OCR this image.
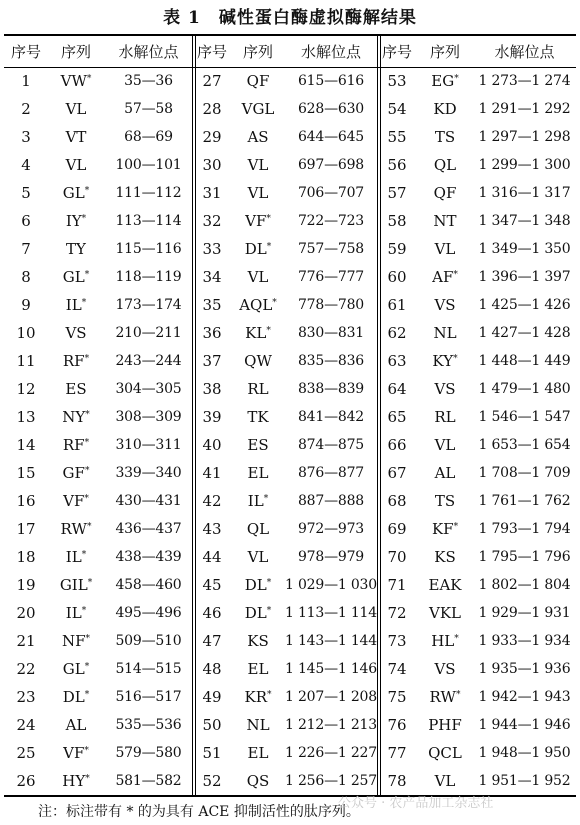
表 1　碱性蛋白酶虚拟酶解结果
序号	序列	水解位点	序号	序列	水解位点	序号	序列	水解位点
1	VW*	35—36	27	QF	615—616	53	EG*	1 273—1 274
2	VL	57—58	28	VGL	628—630	54	KD	1 291—1 292
3	VT	68—69	29	AS	644—645	55	TS	1 297—1 298
4	VL	100—101	30	VL	697—698	56	QL	1 299—1 300
5	GL*	111—112	31	VL	706—707	57	QF	1 316—1 317
6	IY*	113—114	32	VF*	722—723	58	NT	1 347—1 348
7	TY	115—116	33	DL*	757—758	59	VL	1 349—1 350
8	GL*	118—119	34	VL	776—777	60	AF*	1 396—1 397
9	IL*	173—174	35	AQL*	778—780	61	VS	1 425—1 426
10	VS	210—211	36	KL*	830—831	62	NL	1 427—1 428
11	RF*	243—244	37	QW	835—836	63	KY*	1 448—1 449
12	ES	304—305	38	RL	838—839	64	VS	1 479—1 480
13	NY*	308—309	39	TK	841—842	65	RL	1 546—1 547
14	RF*	310—311	40	ES	874—875	66	VL	1 653—1 654
15	GF*	339—340	41	EL	876—877	67	AL	1 708—1 709
16	VF*	430—431	42	IL*	887—888	68	TS	1 761—1 762
17	RW*	436—437	43	QL	972—973	69	KF*	1 793—1 794
18	IL*	438—439	44	VL	978—979	70	KS	1 795—1 796
19	GIL*	458—460	45	DL*	1 029—1 030	71	EAK	1 802—1 804
20	IL*	495—496	46	DL*	1 113—1 114	72	VKL	1 929—1 931
21	NF*	509—510	47	KS	1 143—1 144	73	HL*	1 933—1 934
22	GL*	514—515	48	EL	1 145—1 146	74	VS	1 935—1 936
23	DL*	516—517	49	KR*	1 207—1 208	75	RW*	1 942—1 943
24	AL	535—536	50	NL	1 212—1 213	76	PHF	1 944—1 946
25	VF*	579—580	51	EL	1 226—1 227	77	QCL	1 948—1 950
26	HY*	581—582	52	QS	1 256—1 257	78	VL	1 951—1 952
注：标注带有 * 的为具有 ACE 抑制活性的肽序列。
公众号 · 农产品加工杂志社
